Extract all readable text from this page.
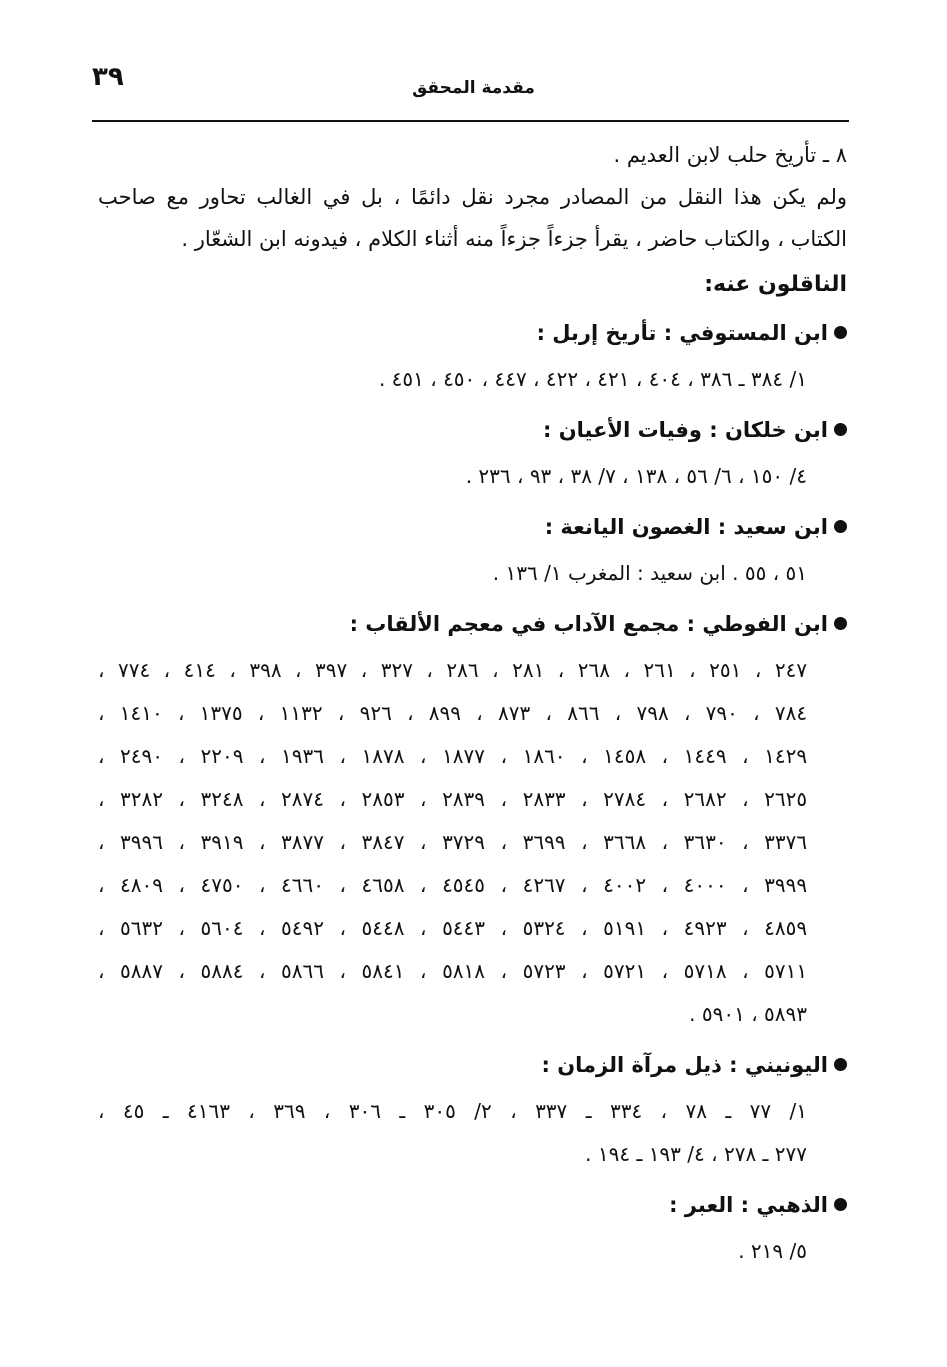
٣٩	مقدمة المحقق

٨ ـ تأريخ حلب لابن العديم .

ولم يكن هذا النقل من المصادر مجرد نقل دائمًا ، بل في الغالب تحاور مع صاحب
الكتاب ، والكتاب حاضر ، يقرأ جزءاً جزءاً منه أثناء الكلام ، فيدونه ابن الشعّار .

الناقلون عنه:
ابن المستوفي : تأريخ إربل :

١/ ٣٨٤ ـ ٣٨٦ ، ٤٠٤ ، ٤٢١ ، ٤٢٢ ، ٤٤٧ ، ٤٥٠ ، ٤٥١ .

ابن خلكان : وفيات الأعيان :

٤/ ١٥٠ ، ٦/ ٥٦ ، ١٣٨ ، ٧/ ٣٨ ، ٩٣ ، ٢٣٦ .

ابن سعيد : الغصون اليانعة :

٥١ ، ٥٥ . ابن سعيد : المغرب ١/ ١٣٦ .

ابن الفوطي : مجمع الآداب في معجم الألقاب :

٢٤٧ ، ٢٥١ ، ٢٦١ ، ٢٦٨ ، ٢٨١ ، ٢٨٦ ، ٣٢٧ ، ٣٩٧ ، ٣٩٨ ، ٤١٤ ، ٧٧٤ ،
٧٨٤ ، ٧٩٠ ، ٧٩٨ ، ٨٦٦ ، ٨٧٣ ، ٨٩٩ ، ٩٢٦ ، ١١٣٢ ، ١٣٧٥ ، ١٤١٠ ،
١٤٢٩ ، ١٤٤٩ ، ١٤٥٨ ، ١٨٦٠ ، ١٨٧٧ ، ١٨٧٨ ، ١٩٣٦ ، ٢٢٠٩ ، ٢٤٩٠ ،
٢٦٢٥ ، ٢٦٨٢ ، ٢٧٨٤ ، ٢٨٣٣ ، ٢٨٣٩ ، ٢٨٥٣ ، ٢٨٧٤ ، ٣٢٤٨ ، ٣٢٨٢ ،
٣٣٧٦ ، ٣٦٣٠ ، ٣٦٦٨ ، ٣٦٩٩ ، ٣٧٢٩ ، ٣٨٤٧ ، ٣٨٧٧ ، ٣٩١٩ ، ٣٩٩٦ ،
٣٩٩٩ ، ٤٠٠٠ ، ٤٠٠٢ ، ٤٢٦٧ ، ٤٥٤٥ ، ٤٦٥٨ ، ٤٦٦٠ ، ٤٧٥٠ ، ٤٨٠٩ ،
٤٨٥٩ ، ٤٩٢٣ ، ٥١٩١ ، ٥٣٢٤ ، ٥٤٤٣ ، ٥٤٤٨ ، ٥٤٩٢ ، ٥٦٠٤ ، ٥٦٣٢ ،
٥٧١١ ، ٥٧١٨ ، ٥٧٢١ ، ٥٧٢٣ ، ٥٨١٨ ، ٥٨٤١ ، ٥٨٦٦ ، ٥٨٨٤ ، ٥٨٨٧ ،
٥٨٩٣ ، ٥٩٠١ .

اليونيني : ذيل مرآة الزمان :

١/ ٧٧ ـ ٧٨ ، ٣٣٤ ـ ٣٣٧ ، ٢/ ٣٠٥ ـ ٣٠٦ ، ٣٦٩ ، ٤١٦٣ ـ ٤٥ ،
٢٧٧ ـ ٢٧٨ ، ٤/ ١٩٣ ـ ١٩٤ .

الذهبي : العبر :

٥/ ٢١٩ .
